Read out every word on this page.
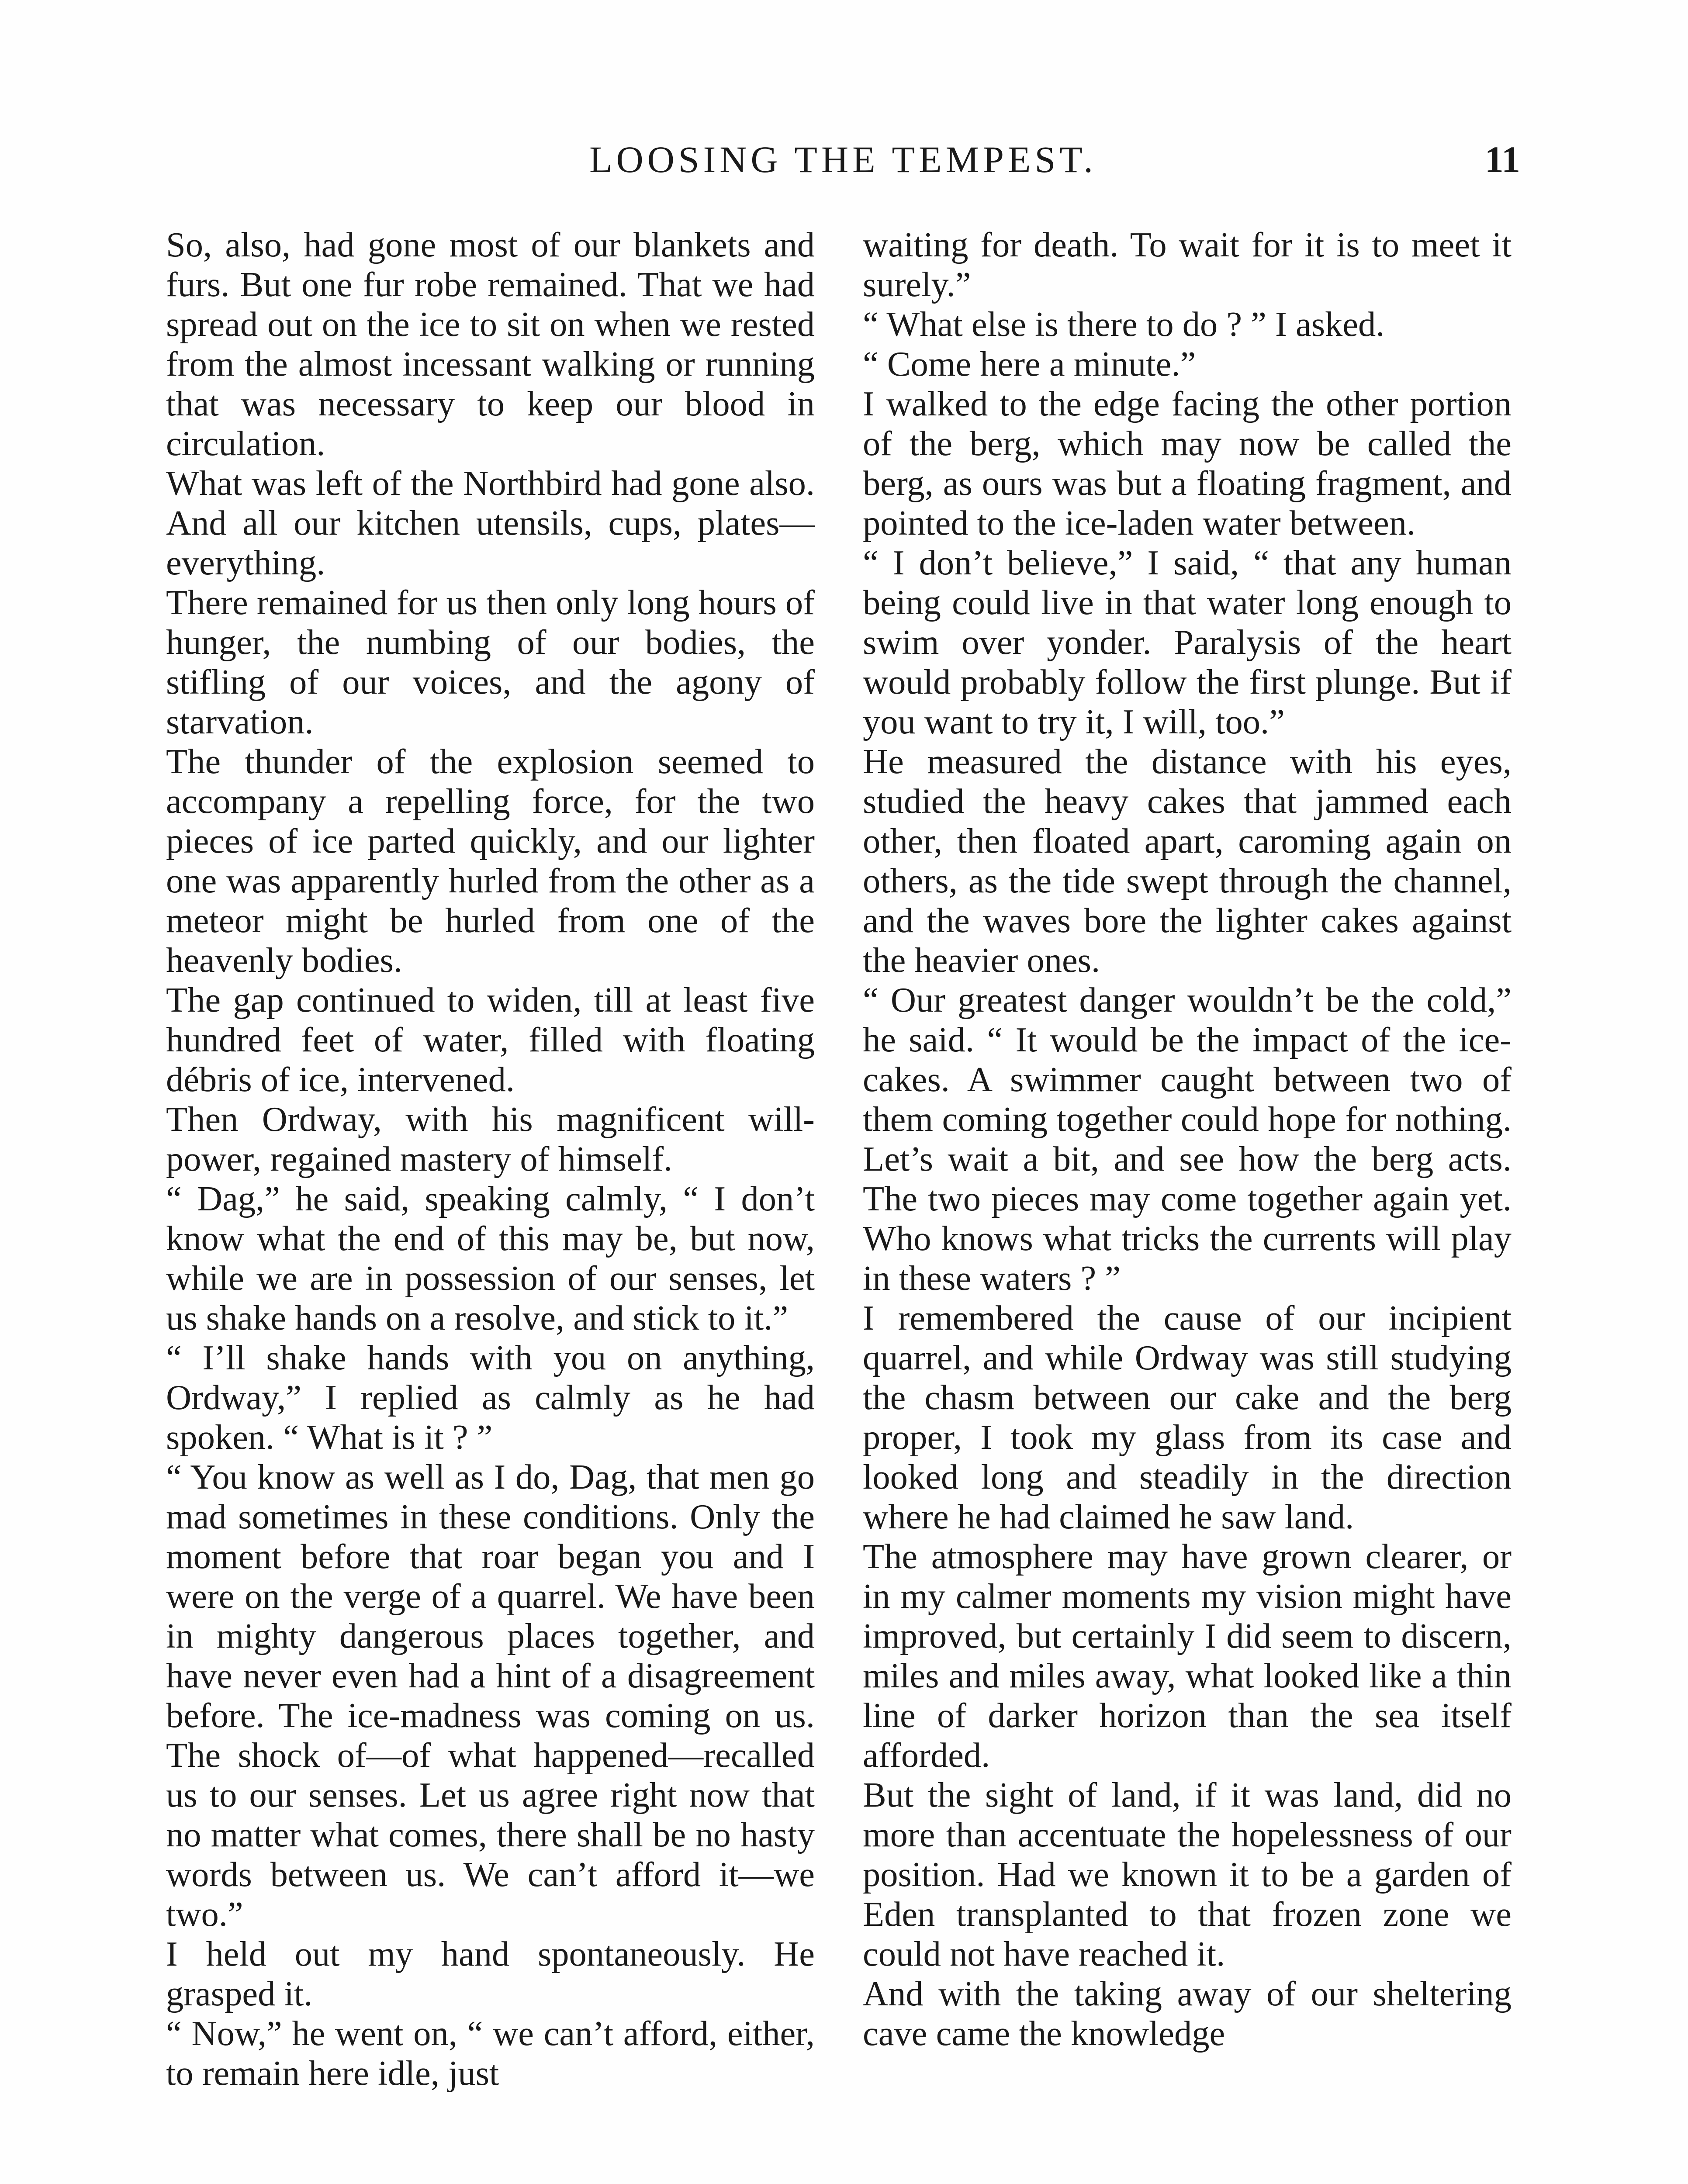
LOOSING THE TEMPEST.	11

So, also, had gone most of our blankets and furs. But one fur robe remained. That we had spread out on the ice to sit on when we rested from the almost incessant walking or running that was necessary to keep our blood in circulation.

What was left of the Northbird had gone also. And all our kitchen utensils, cups, plates—everything.

There remained for us then only long hours of hunger, the numbing of our bodies, the stifling of our voices, and the agony of starvation.

The thunder of the explosion seemed to accompany a repelling force, for the two pieces of ice parted quickly, and our lighter one was apparently hurled from the other as a meteor might be hurled from one of the heavenly bodies.

The gap continued to widen, till at least five hundred feet of water, filled with floating débris of ice, intervened.

Then Ordway, with his magnificent will-power, regained mastery of himself.

“ Dag,” he said, speaking calmly, “ I don’t know what the end of this may be, but now, while we are in possession of our senses, let us shake hands on a resolve, and stick to it.”

“ I’ll shake hands with you on anything, Ordway,” I replied as calmly as he had spoken. “ What is it ? ”

“ You know as well as I do, Dag, that men go mad sometimes in these conditions. Only the moment before that roar began you and I were on the verge of a quarrel. We have been in mighty dangerous places together, and have never even had a hint of a disagreement before. The ice-madness was coming on us. The shock of—of what happened—recalled us to our senses. Let us agree right now that no matter what comes, there shall be no hasty words between us. We can’t afford it—we two.”

I held out my hand spontaneously. He grasped it.

“ Now,” he went on, “ we can’t afford, either, to remain here idle, just

waiting for death. To wait for it is to meet it surely.”

“ What else is there to do ? ” I asked.

“ Come here a minute.”

I walked to the edge facing the other portion of the berg, which may now be called the berg, as ours was but a floating fragment, and pointed to the ice-laden water between.

“ I don’t believe,” I said, “ that any human being could live in that water long enough to swim over yonder. Paralysis of the heart would probably follow the first plunge. But if you want to try it, I will, too.”

He measured the distance with his eyes, studied the heavy cakes that jammed each other, then floated apart, caroming again on others, as the tide swept through the channel, and the waves bore the lighter cakes against the heavier ones.

“ Our greatest danger wouldn’t be the cold,” he said. “ It would be the impact of the ice-cakes. A swimmer caught between two of them coming together could hope for nothing. Let’s wait a bit, and see how the berg acts. The two pieces may come together again yet. Who knows what tricks the currents will play in these waters ? ”

I remembered the cause of our incipient quarrel, and while Ordway was still studying the chasm between our cake and the berg proper, I took my glass from its case and looked long and steadily in the direction where he had claimed he saw land.

The atmosphere may have grown clearer, or in my calmer moments my vision might have improved, but certainly I did seem to discern, miles and miles away, what looked like a thin line of darker horizon than the sea itself afforded.

But the sight of land, if it was land, did no more than accentuate the hopelessness of our position. Had we known it to be a garden of Eden transplanted to that frozen zone we could not have reached it.

And with the taking away of our sheltering cave came the knowledge
